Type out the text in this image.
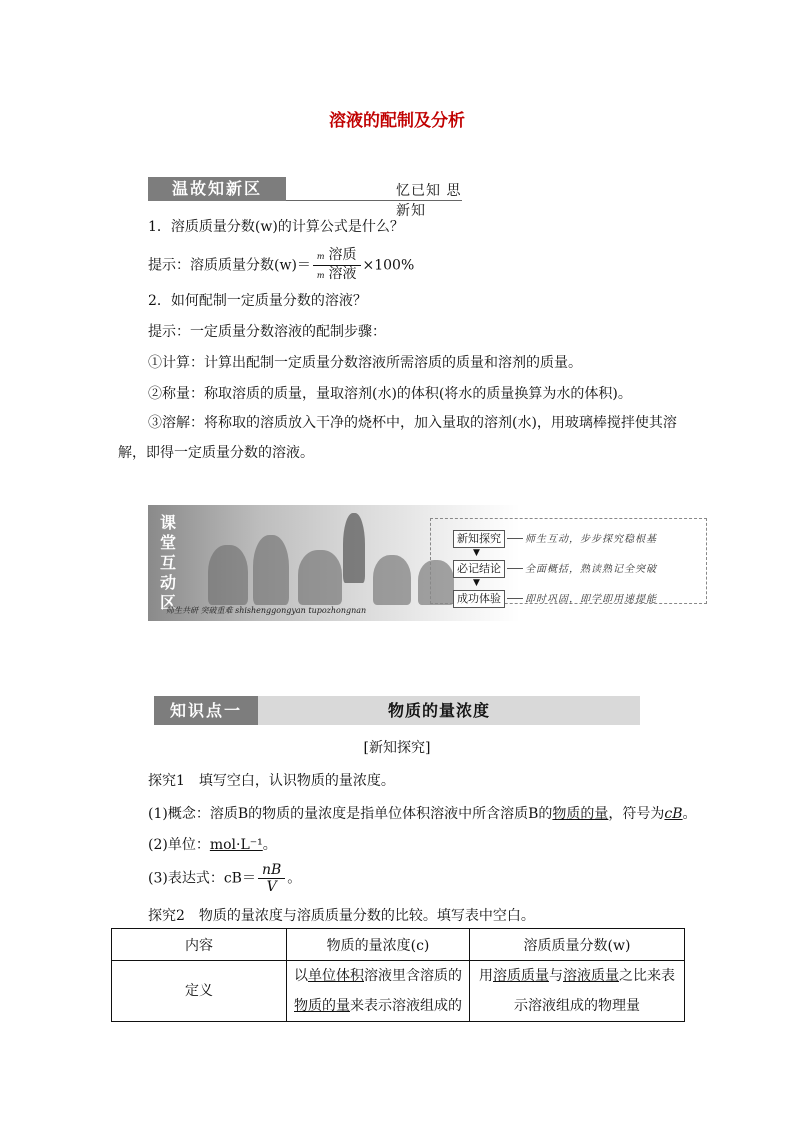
溶液的配制及分析
温故知新区	忆已知 思新知
1．溶质质量分数(w)的计算公式是什么？
提示：溶质质量分数$(w)= \frac{\text{m 溶质}}{\text{m 溶液}} \times 100\%$
2．如何配制一定质量分数的溶液？
提示：一定质量分数溶液的配制步骤：
①计算：计算出配制一定质量分数溶液所需溶质的质量和溶剂的质量。
②称量：称取溶质的质量，量取溶剂(水)的体积(将水的质量换算为水的体积)。
③溶解：将称取的溶质放入干净的烧杯中，加入量取的溶剂(水)，用玻璃棒搅拌使其溶解，即得一定质量分数的溶液。
课堂互动区
师生共研 突破重难 shishenggongyan tupozhongnan
新知探究 师生互动，步步探究稳根基
▼
必记结论 全面概括，熟读熟记全突破
▼
成功体验 即时巩固，即学即用速提能
知识点一	物质的量浓度
[新知探究]
探究1　填写空白，认识物质的量浓度。
(1)概念：溶质B的物质的量浓度是指单位体积溶液中所含溶质B的物质的量，符号为cB。
(2)单位：mol·L⁻¹。
(3)表达式：$cB= \frac{nB}{V}$ 。
探究2　物质的量浓度与溶质质量分数的比较。填写表中空白。
内容	物质的量浓度(c)	溶质质量分数(w)
定义	以单位体积溶液里含溶质的物质的量来表示溶液组成的	用溶质质量与溶液质量之比来表示溶液组成的物理量
